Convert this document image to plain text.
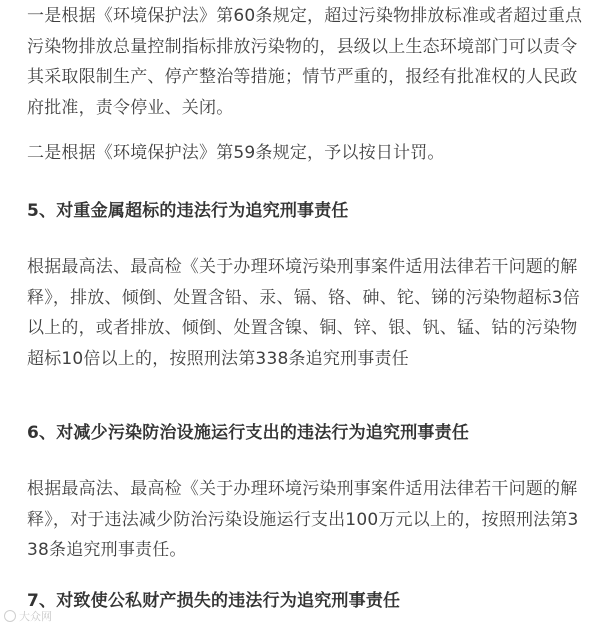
一是根据《环境保护法》第60条规定，超过污染物排放标准或者超过重点污染物排放总量控制指标排放污染物的，县级以上生态环境部门可以责令其采取限制生产、停产整治等措施；情节严重的，报经有批准权的人民政府批准，责令停业、关闭。

二是根据《环境保护法》第59条规定，予以按日计罚。

5、对重金属超标的违法行为追究刑事责任

根据最高法、最高检《关于办理环境污染刑事案件适用法律若干问题的解释》，排放、倾倒、处置含铅、汞、镉、铬、砷、铊、锑的污染物超标3倍以上的，或者排放、倾倒、处置含镍、铜、锌、银、钒、锰、钴的污染物超标10倍以上的，按照刑法第338条追究刑事责任

6、对减少污染防治设施运行支出的违法行为追究刑事责任

根据最高法、最高检《关于办理环境污染刑事案件适用法律若干问题的解释》，对于违法减少防治污染设施运行支出100万元以上的，按照刑法第338条追究刑事责任。

7、对致使公私财产损失的违法行为追究刑事责任

大众网
